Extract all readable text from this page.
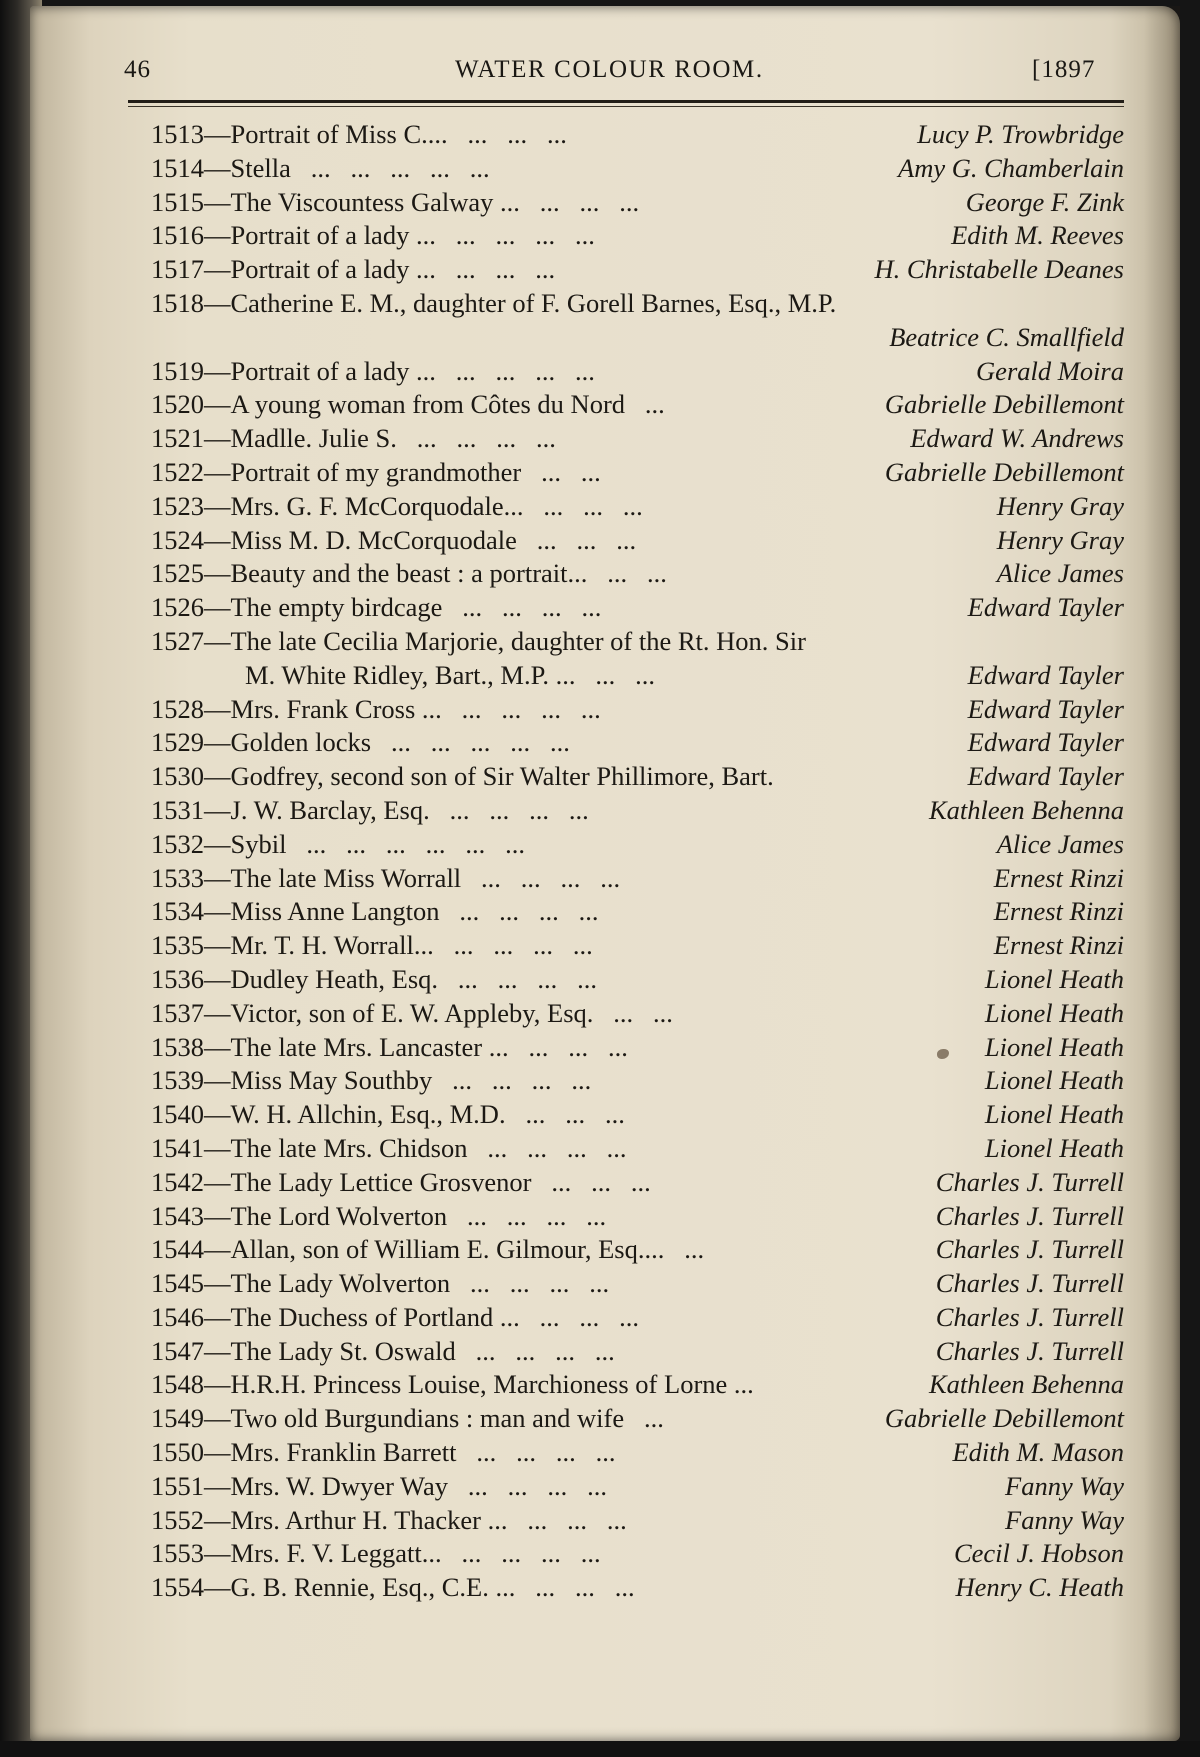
46	WATER COLOUR ROOM.	[1897
1513—Portrait of Miss C....   ...   ...   ...	Lucy P. Trowbridge
1514—Stella   ...   ...   ...   ...   ...	Amy G. Chamberlain
1515—The Viscountess Galway ...   ...   ...   ...	George F. Zink
1516—Portrait of a lady ...   ...   ...   ...   ...	Edith M. Reeves
1517—Portrait of a lady ...   ...   ...   ...	H. Christabelle Deanes
1518—Catherine E. M., daughter of F. Gorell Barnes, Esq., M.P.
Beatrice C. Smallfield
1519—Portrait of a lady ...   ...   ...   ...   ...	Gerald Moira
1520—A young woman from Côtes du Nord   ...	Gabrielle Debillemont
1521—Madlle. Julie S.   ...   ...   ...   ...	Edward W. Andrews
1522—Portrait of my grandmother   ...   ...	Gabrielle Debillemont
1523—Mrs. G. F. McCorquodale...   ...   ...   ...	Henry Gray
1524—Miss M. D. McCorquodale   ...   ...   ...	Henry Gray
1525—Beauty and the beast : a portrait...   ...   ...	Alice James
1526—The empty birdcage   ...   ...   ...   ...	Edward Tayler
1527—The late Cecilia Marjorie, daughter of the Rt. Hon. Sir
M. White Ridley, Bart., M.P. ...   ...   ...	Edward Tayler
1528—Mrs. Frank Cross ...   ...   ...   ...   ...	Edward Tayler
1529—Golden locks   ...   ...   ...   ...   ...	Edward Tayler
1530—Godfrey, second son of Sir Walter Phillimore, Bart.	Edward Tayler
1531—J. W. Barclay, Esq.   ...   ...   ...   ...	Kathleen Behenna
1532—Sybil   ...   ...   ...   ...   ...   ...	Alice James
1533—The late Miss Worrall   ...   ...   ...   ...	Ernest Rinzi
1534—Miss Anne Langton   ...   ...   ...   ...	Ernest Rinzi
1535—Mr. T. H. Worrall...   ...   ...   ...   ...	Ernest Rinzi
1536—Dudley Heath, Esq.   ...   ...   ...   ...	Lionel Heath
1537—Victor, son of E. W. Appleby, Esq.   ...   ...	Lionel Heath
1538—The late Mrs. Lancaster ...   ...   ...   ...	Lionel Heath
1539—Miss May Southby   ...   ...   ...   ...	Lionel Heath
1540—W. H. Allchin, Esq., M.D.   ...   ...   ...	Lionel Heath
1541—The late Mrs. Chidson   ...   ...   ...   ...	Lionel Heath
1542—The Lady Lettice Grosvenor   ...   ...   ...	Charles J. Turrell
1543—The Lord Wolverton   ...   ...   ...   ...	Charles J. Turrell
1544—Allan, son of William E. Gilmour, Esq....   ...	Charles J. Turrell
1545—The Lady Wolverton   ...   ...   ...   ...	Charles J. Turrell
1546—The Duchess of Portland ...   ...   ...   ...	Charles J. Turrell
1547—The Lady St. Oswald   ...   ...   ...   ...	Charles J. Turrell
1548—H.R.H. Princess Louise, Marchioness of Lorne ...	Kathleen Behenna
1549—Two old Burgundians : man and wife   ...	Gabrielle Debillemont
1550—Mrs. Franklin Barrett   ...   ...   ...   ...	Edith M. Mason
1551—Mrs. W. Dwyer Way   ...   ...   ...   ...	Fanny Way
1552—Mrs. Arthur H. Thacker ...   ...   ...   ...	Fanny Way
1553—Mrs. F. V. Leggatt...   ...   ...   ...   ...	Cecil J. Hobson
1554—G. B. Rennie, Esq., C.E. ...   ...   ...   ...	Henry C. Heath
